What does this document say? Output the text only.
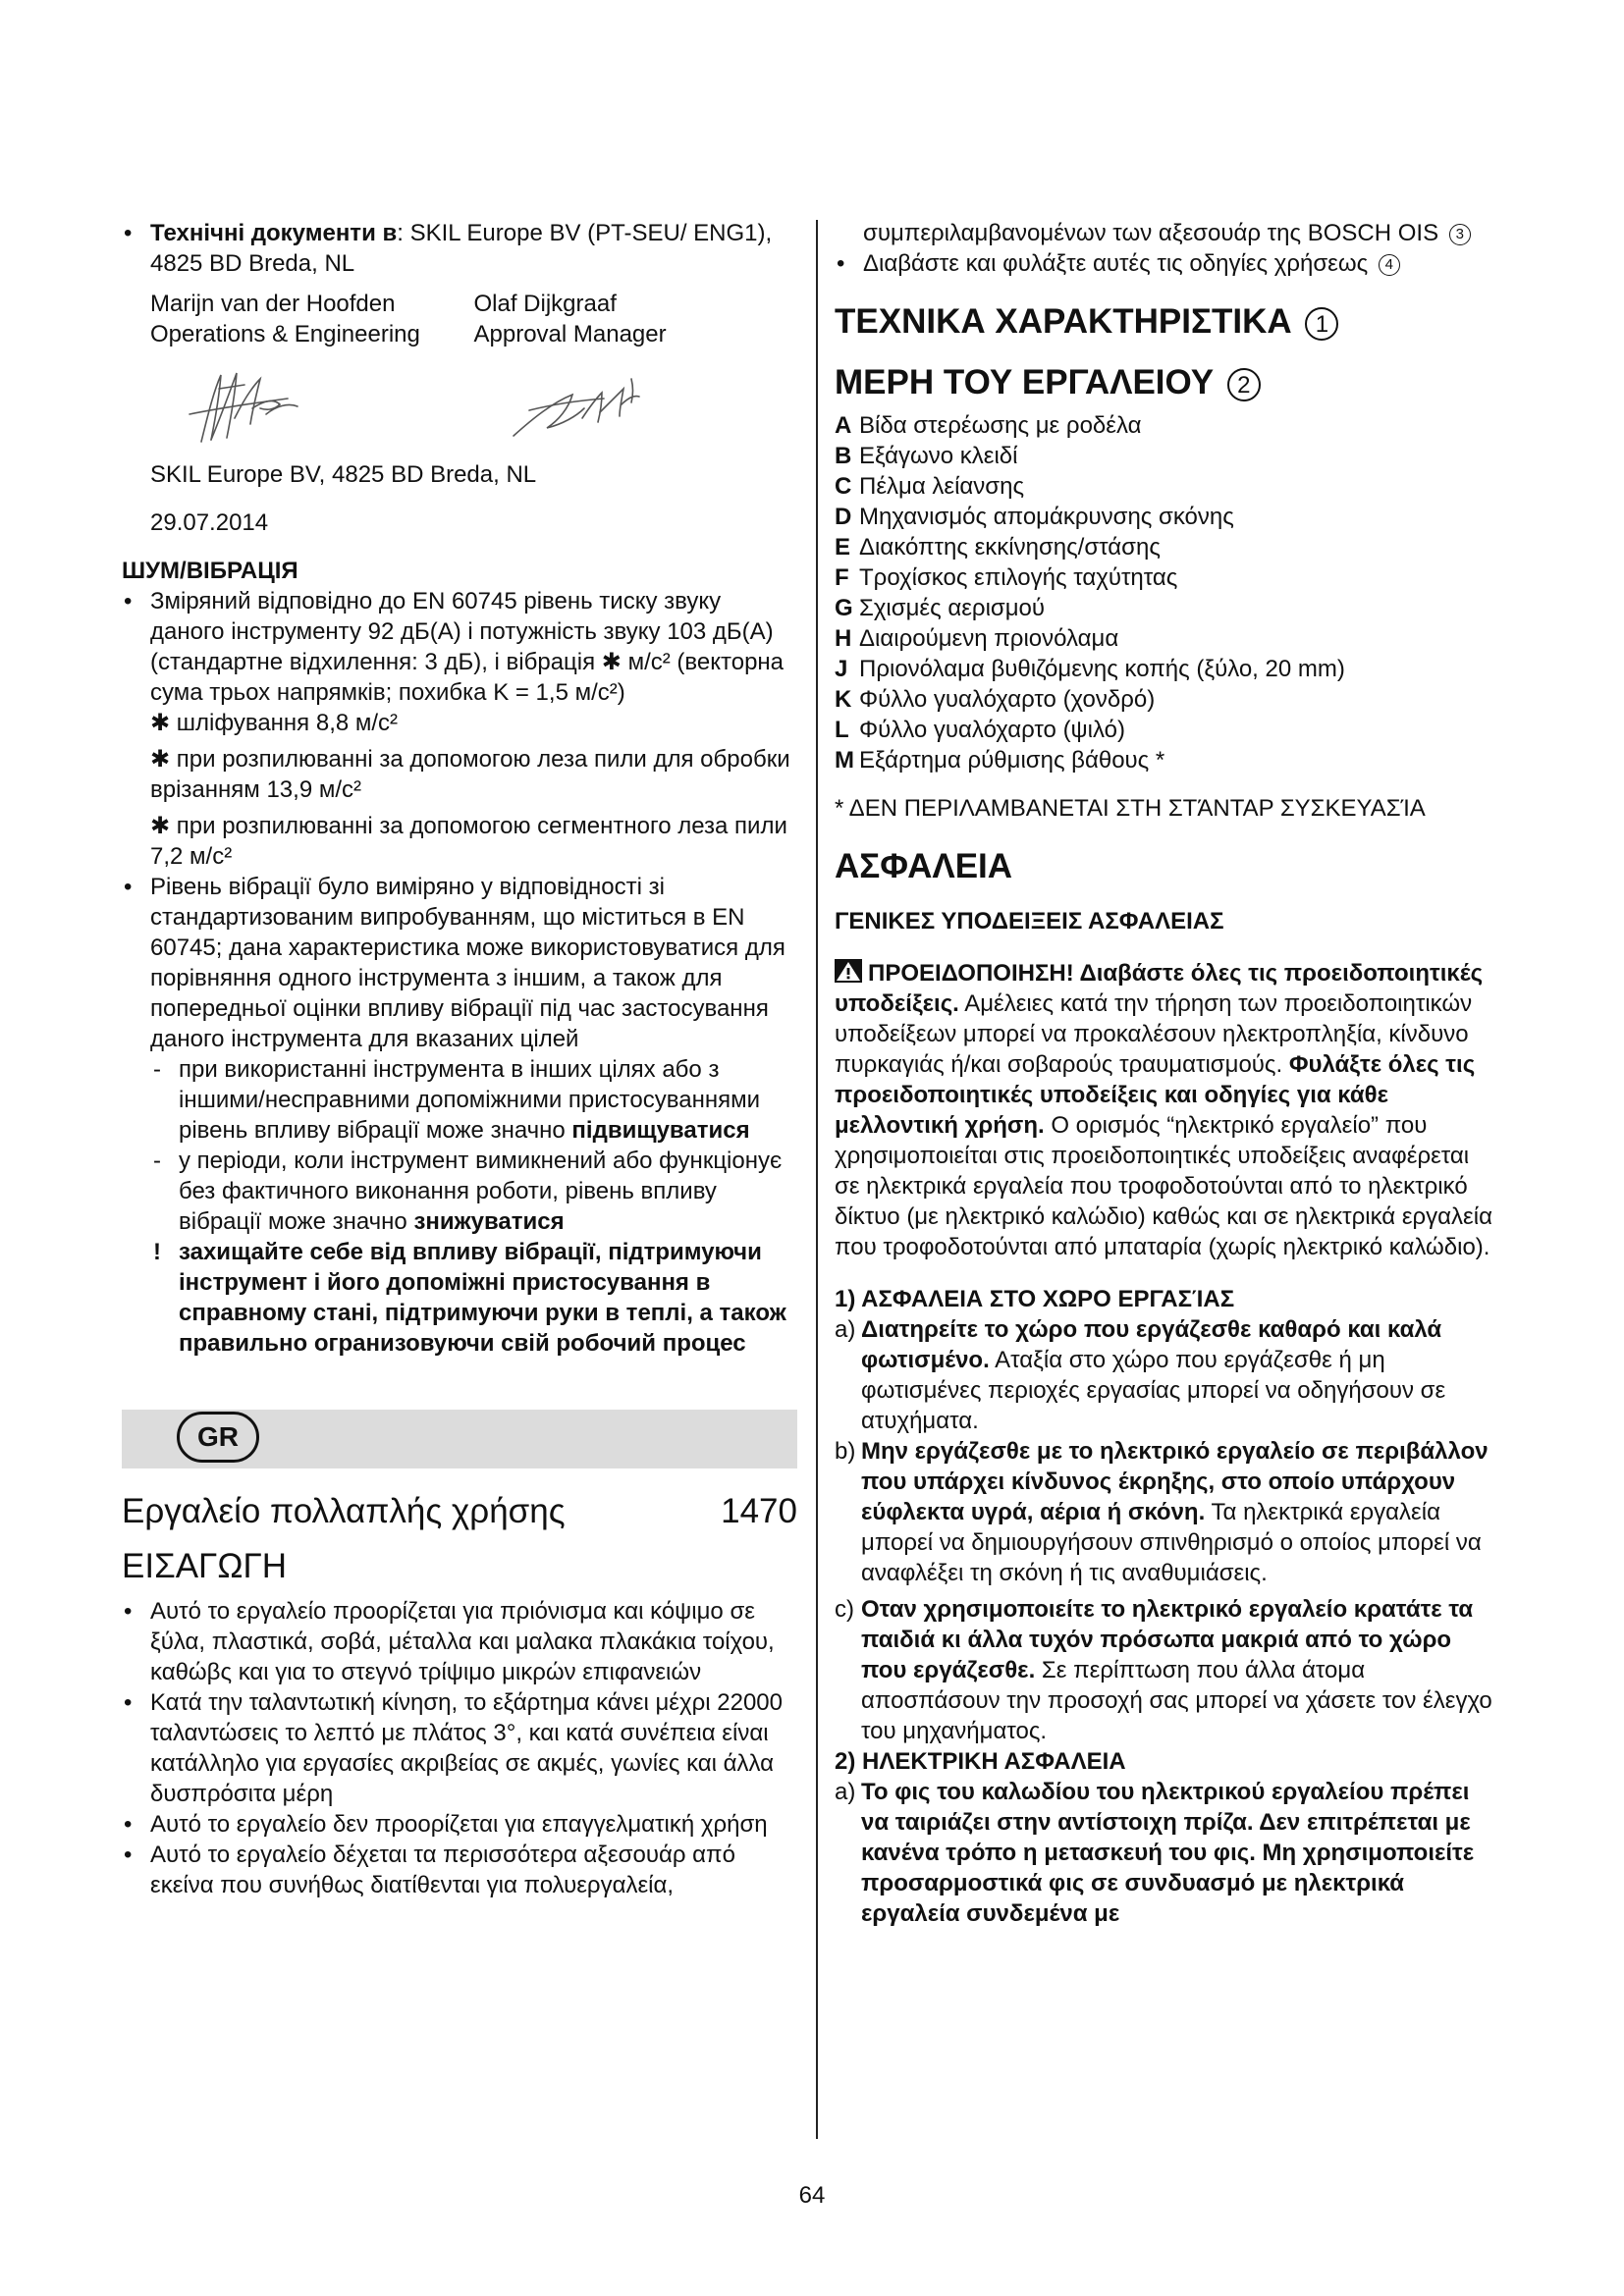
• Технічні документи в: SKIL Europe BV (PT-SEU/ ENG1), 4825 BD Breda, NL

Marijn van der Hoofden

Operations & Engineering

Olaf Dijkgraaf

Approval Manager

SKIL Europe BV, 4825 BD Breda, NL

29.07.2014

ШУМ/ВІБРАЦІЯ

• Зміряний відповідно до EN 60745 рівень тиску звуку даного інструменту 92 дБ(A) і потужність звуку 103 дБ(A) (стандартне відхилення: 3 дБ), і вібрація ✱ м/с² (векторна сума трьох напрямків; похибка K = 1,5 м/с²)

✱ шліфування 8,8 м/с²

✱ при розпилюванні за допомогою леза пили для обробки врізанням 13,9 м/с²

✱ при розпилюванні за допомогою сегментного леза пили 7,2 м/с²

• Рівень вібрації було виміряно у відповідності зі стандартизованим випробуванням, що міститься в EN 60745; дана характеристика може використовуватися для порівняння одного інструмента з іншим, а також для попередньої оцінки впливу вібрації під час застосування даного інструмента для вказаних цілей

- при використанні інструмента в інших цілях або з іншими/несправними допоміжними пристосуваннями рівень впливу вібрації може значно підвищуватися

- у періоди, коли інструмент вимикнений або функціонує без фактичного виконання роботи, рівень впливу вібрації може значно знижуватися

! захищайте себе від впливу вібрації, підтримуючи інструмент і його допоміжні пристосування в справному стані, підтримуючи руки в теплі, а також правильно огранизовуючи свій робочий процес

GR
Εργαλείο πολλαπλής χρήσης	1470

ΕΙΣΑΓΩΓΗ

• Αυτό το εργαλείο προορίζεται για πριόνισμα και κόψιμο σε ξύλα, πλαστικά, σοβά, μέταλλα και μαλακα πλακάκια τοίχου, καθώβς και για το στεγνό τρίψιμο μικρών επιφανειών

• Κατά την ταλαντωτική κίνηση, το εξάρτημα κάνει μέχρι 22000 ταλαντώσεις το λεπτό με πλάτος 3°, και κατά συνέπεια είναι κατάλληλο για εργασίες ακριβείας σε ακμές, γωνίες και άλλα δυσπρόσιτα μέρη

• Αυτό το εργαλείο δεν προορίζεται για επαγγελματική χρήση

• Αυτό το εργαλείο δέχεται τα περισσότερα αξεσουάρ από εκείνα που συνήθως διατίθενται για πολυεργαλεία,

συμπεριλαμβανομένων των αξεσουάρ της BOSCH OIS 3

• Διαβάστε και φυλάξτε αυτές τις οδηγίες χρήσεως 4

ΤΕΧΝΙΚΑ ΧΑΡΑΚΤΗΡΙΣΤΙΚΑ 1

ΜΕΡΗ ΤΟΥ ΕΡΓΑΛΕΙΟΥ 2

A Βίδα στερέωσης με ροδέλα
B Εξάγωνο κλειδί
C Πέλμα λείανσης
D Μηχανισμός απομάκρυνσης σκόνης
E Διακόπτης εκκίνησης/στάσης
F Τροχίσκος επιλογής ταχύτητας
G Σχισμές αερισμού
H Διαιρούμενη πριονόλαμα
J Πριονόλαμα βυθιζόμενης κοπής (ξύλο, 20 mm)
K Φύλλο γυαλόχαρτο (χονδρό)
L Φύλλο γυαλόχαρτο (ψιλό)
M Εξάρτημα ρύθμισης βάθους *

* ΔΕΝ ΠΕΡΙΛΑΜΒΑΝΕΤΑΙ ΣΤΗ ΣΤΆΝΤΑΡ ΣΥΣΚΕΥΑΣΊΑ

ΑΣΦΑΛΕΙΑ

ΓΕΝΙΚΕΣ ΥΠΟΔΕΙΞΕΙΣ ΑΣΦΑΛΕΙΑΣ

ΠΡΟΕΙΔΟΠΟΙΗΣΗ! Διαβάστε όλες τις προειδοποιητικές υποδείξεις. Αμέλειες κατά την τήρηση των προειδοποιητικών υποδείξεων μπορεί να προκαλέσουν ηλεκτροπληξία, κίνδυνο πυρκαγιάς ή/και σοβαρούς τραυματισμούς. Φυλάξτε όλες τις προειδοποιητικές υποδείξεις και οδηγίες για κάθε μελλοντική χρήση. Ο ορισμός “ηλεκτρικό εργαλείο” που χρησιμοποιείται στις προειδοποιητικές υποδείξεις αναφέρεται σε ηλεκτρικά εργαλεία που τροφοδοτούνται από το ηλεκτρικό δίκτυο (με ηλεκτρικό καλώδιο) καθώς και σε ηλεκτρικά εργαλεία που τροφοδοτούνται από μπαταρία (χωρίς ηλεκτρικό καλώδιο).

1) ΑΣΦΑΛΕΙΑ ΣΤΟ ΧΩΡΟ ΕΡΓΑΣΊΑΣ

a) Διατηρείτε το χώρο που εργάζεσθε καθαρό και καλά φωτισμένο. Αταξία στο χώρο που εργάζεσθε ή μη φωτισμένες περιοχές εργασίας μπορεί να οδηγήσουν σε ατυχήματα.

b) Μην εργάζεσθε με το ηλεκτρικό εργαλείο σε περιβάλλον που υπάρχει κίνδυνος έκρηξης, στο οποίο υπάρχουν εύφλεκτα υγρά, αέρια ή σκόνη. Τα ηλεκτρικά εργαλεία μπορεί να δημιουργήσουν σπινθηρισμό ο οποίος μπορεί να αναφλέξει τη σκόνη ή τις αναθυμιάσεις.

c) Οταν χρησιμοποιείτε το ηλεκτρικό εργαλείο κρατάτε τα παιδιά κι άλλα τυχόν πρόσωπα μακριά από το χώρο που εργάζεσθε. Σε περίπτωση που άλλα άτομα αποσπάσουν την προσοχή σας μπορεί να χάσετε τον έλεγχο του μηχανήματος.

2) ΗΛΕΚΤΡΙΚΗ ΑΣΦΑΛΕΙΑ

a) Το φις του καλωδίου του ηλεκτρικού εργαλείου πρέπει να ταιριάζει στην αντίστοιχη πρίζα. Δεν επιτρέπεται με κανένα τρόπο η μετασκευή του φις. Μη χρησιμοποιείτε προσαρμοστικά φις σε συνδυασμό με ηλεκτρικά εργαλεία συνδεμένα με

64
